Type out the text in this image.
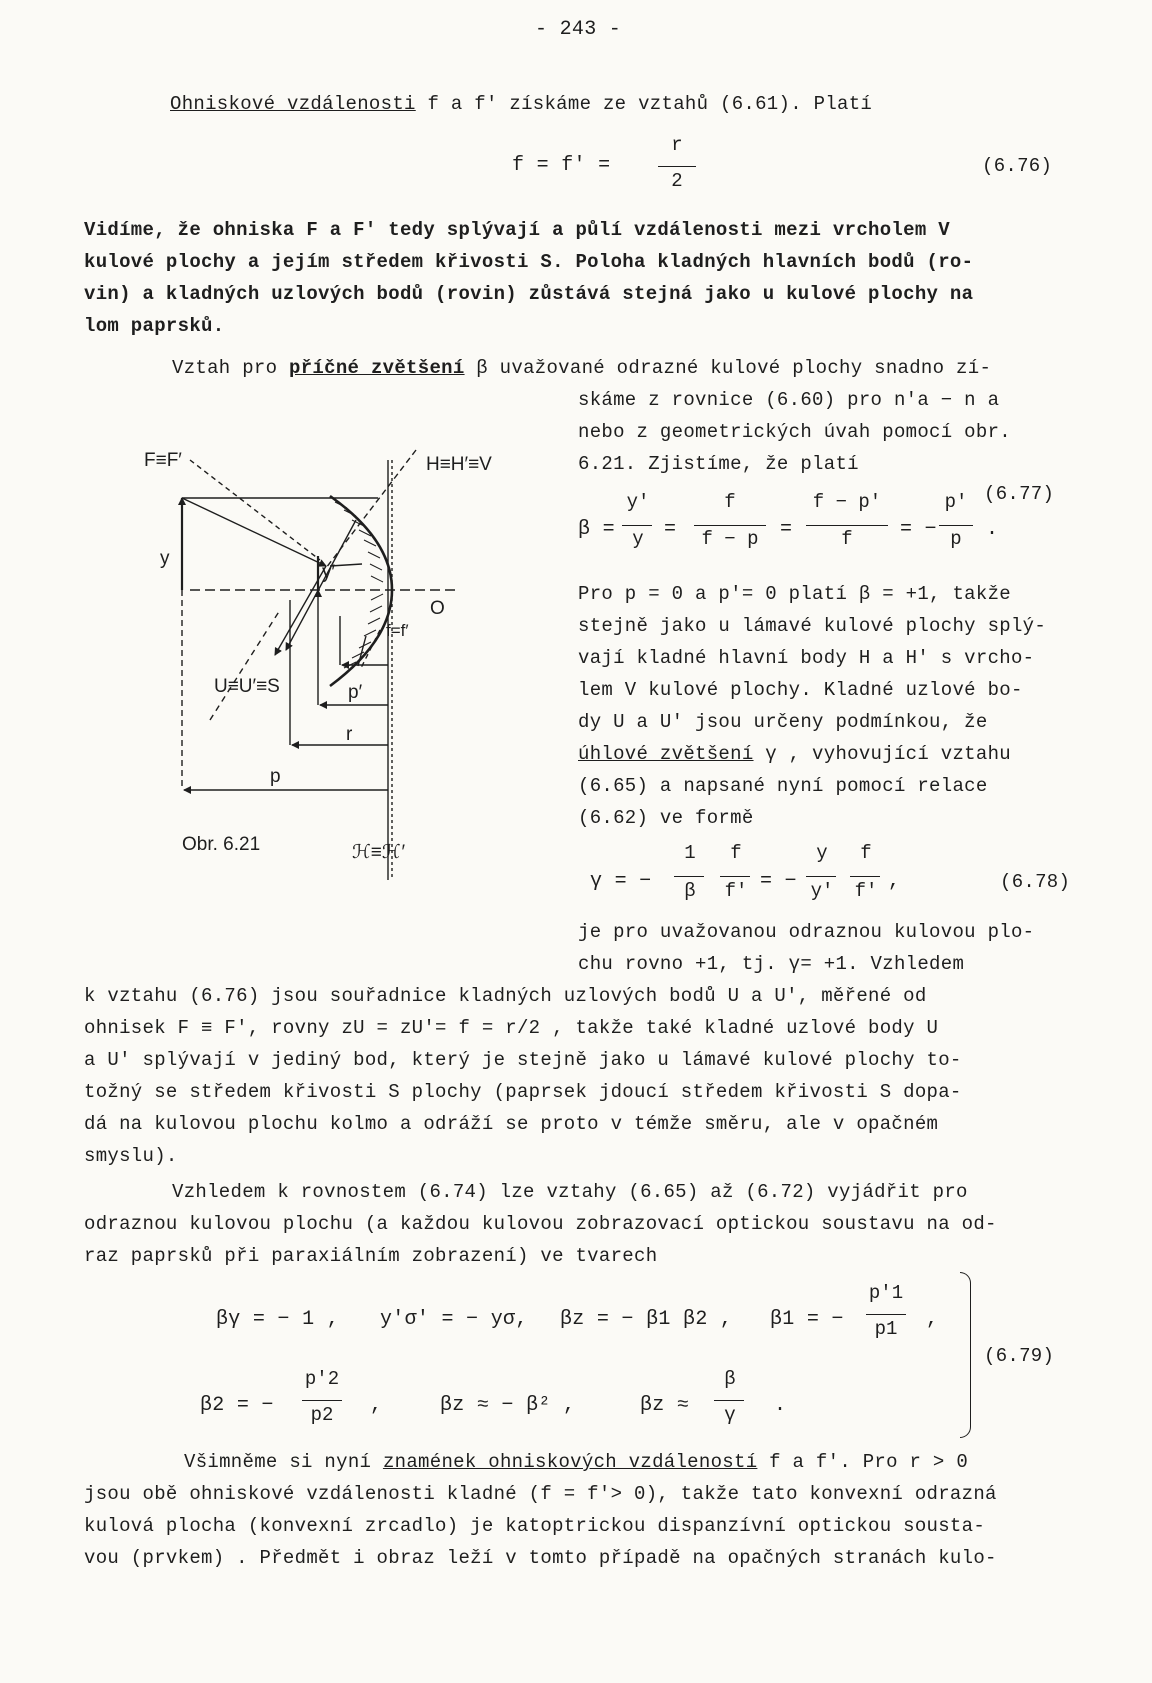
- 243 -
Ohniskové vzdálenosti f a f′ získáme ze vztahů (6.61). Platí
f = f′ =
r
2
(6.76)
Vidíme, že ohniska F a F′ tedy splývají a půlí vzdálenosti mezi vrcholem V
kulové plochy a jejím středem křivosti S. Poloha kladných hlavních bodů (ro-
vin) a kladných uzlových bodů (rovin) zůstává stejná jako u kulové plochy na
lom paprsků.
Vztah pro příčné zvětšení β uvažované odrazné kulové plochy snadno zí-
skáme z rovnice (6.60) pro n′a − n a
nebo z geometrických úvah pomocí obr.
6.21. Zjistíme, že platí
β =
y′
y	=
f
f − p	=
f − p′
f	= −
p′
p	.
(6.77)
Pro p = 0 a p′= 0 platí β = +1, takže
stejně jako u lámavé kulové plochy splý-
vají kladné hlavní body H a H′ s vrcho-
lem V kulové plochy. Kladné uzlové bo-
dy U a U′ jsou určeny podmínkou, že
úhlové zvětšení γ , vyhovující vztahu
(6.65) a napsané nyní pomocí relace
(6.62) ve formě
γ = −
1
β
f
f′ = −
y
y′
f
f′ ,	(6.78)
je pro uvažovanou odraznou kulovou plo-
chu rovno +1, tj. γ= +1. Vzhledem
k vztahu (6.76) jsou souřadnice kladných uzlových bodů U a U′, měřené od
ohnisek F ≡ F′, rovny zU = zU′= f = r/2 , takže také kladné uzlové body U
a U′ splývají v jediný bod, který je stejně jako u lámavé kulové plochy to-
tožný se středem křivosti S plochy (paprsek jdoucí středem křivosti S dopa-
dá na kulovou plochu kolmo a odráží se proto v témže směru, ale v opačném
smyslu).
Vzhledem k rovnostem (6.74) lze vztahy (6.65) až (6.72) vyjádřit pro
odraznou kulovou plochu (a každou kulovou zobrazovací optickou soustavu na od-
raz paprsků při paraxiálním zobrazení) ve tvarech
βγ = − 1 , y′σ′ = − yσ, βz = − β1 β2 , β1 = −
p′1
p1	,
β2 = −
p′2
p2	,	βz ≈ − β² ,	βz ≈
β
γ	.
(6.79)
Všimněme si nyní znamének ohniskových vzdáleností f a f′. Pro r > 0
jsou obě ohniskové vzdálenosti kladné (f = f′> 0), takže tato konvexní odrazná
kulová plocha (konvexní zrcadlo) je katoptrickou dispanzívní optickou sousta-
vou (prvkem) . Předmět i obraz leží v tomto případě na opačných stranách kulo-
F≡F′	H≡H′≡V
y
y′
O
f=f′
U≡U′≡S	p′
r
p
Obr. 6.21	ℋ≡ℋ′
